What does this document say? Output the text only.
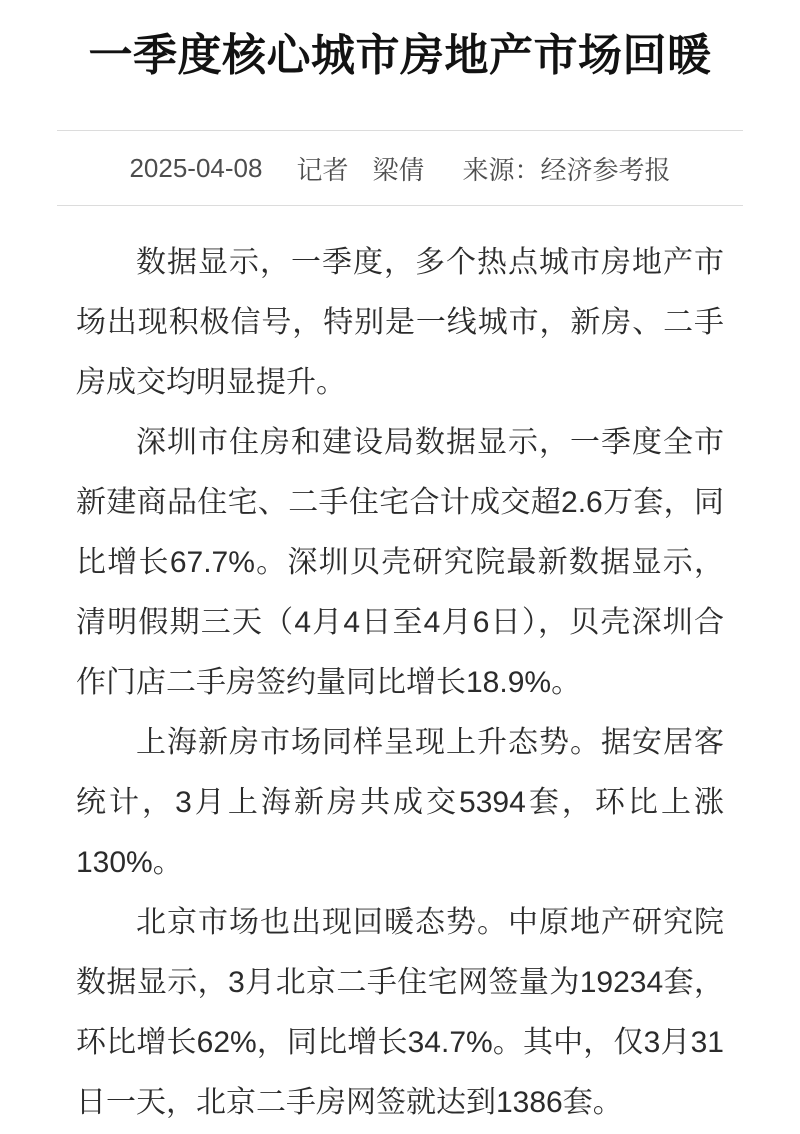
一季度核心城市房地产市场回暖
2025-04-08 记者 梁倩 来源： 经济参考报

数据显示，一季度，多个热点城市房地产市场出现积极信号，特别是一线城市，新房、二手房成交均明显提升。

深圳市住房和建设局数据显示，一季度全市新建商品住宅、二手住宅合计成交超2.6万套，同比增长67.7%。深圳贝壳研究院最新数据显示，清明假期三天（4月4日至4月6日），贝壳深圳合作门店二手房签约量同比增长18.9%。

上海新房市场同样呈现上升态势。据安居客统计，3月上海新房共成交5394套，环比上涨130%。

北京市场也出现回暖态势。中原地产研究院数据显示，3月北京二手住宅网签量为19234套，环比增长62%，同比增长34.7%。其中，仅3月31日一天，北京二手房网签就达到1386套。
